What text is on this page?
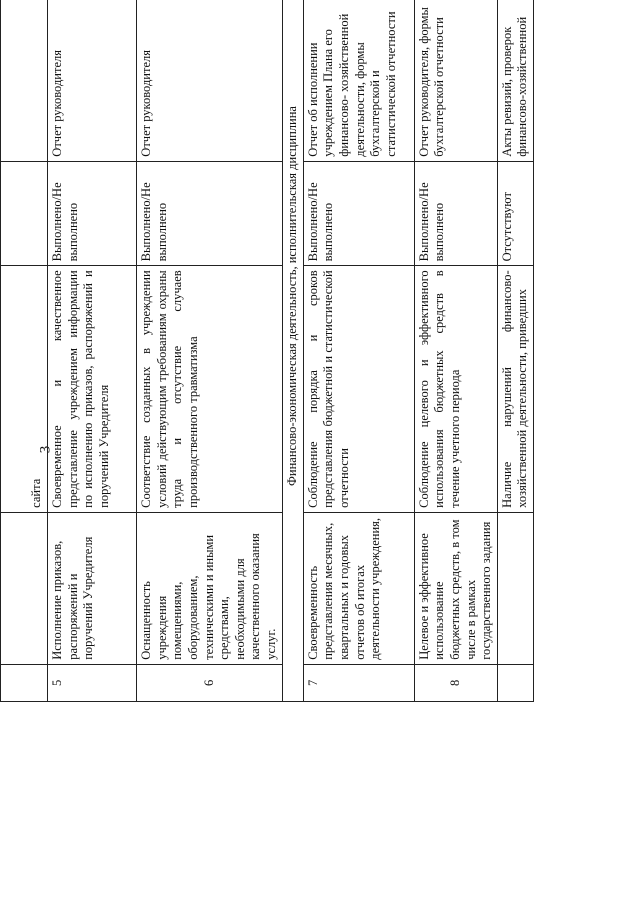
3
		сайта			
5	Исполнение приказов, распоряжений и поручений Учредителя	Своевременное и качественное представление учреждением информации по исполнению приказов, распоряжений и поручений Учредителя	Выполнено/Не выполнено	Отчет руководителя	
6	Оснащенность учреждения помещениями, оборудованием, техническими и иными средствами, необходимыми для качественного оказания услуг.	Соответствие созданных в учреждении условий действующим требованиям охраны труда и отсутствие случаев производственного травматизма	Выполнено/Не выполнено	Отчет руководителя	
Финансово-экономическая деятельность, исполнительская дисциплина					
7	Своевременность представления месячных, квартальных и годовых отчетов об итогах деятельности учреждения,	Соблюдение порядка и сроков представления бюджетной и статистической отчетности	Выполнено/Не выполнено	Отчет об исполнении учреждением Плана его финансово- хозяйственной деятельности, формы бухгалтерской и статистической отчетности	
8	Целевое и эффективное использование бюджетных средств, в том числе в рамках государственного задания	Соблюдение целевого и эффективного использования бюджетных средств в течение учетного периода	Выполнено/Не выполнено	Отчет руководителя, формы бухгалтерской отчетности	
		Наличие нарушений финансово-хозяйственной деятельности, приведших	Отсутствуют	Акты ревизий, проверок финансово-хозяйственной	
